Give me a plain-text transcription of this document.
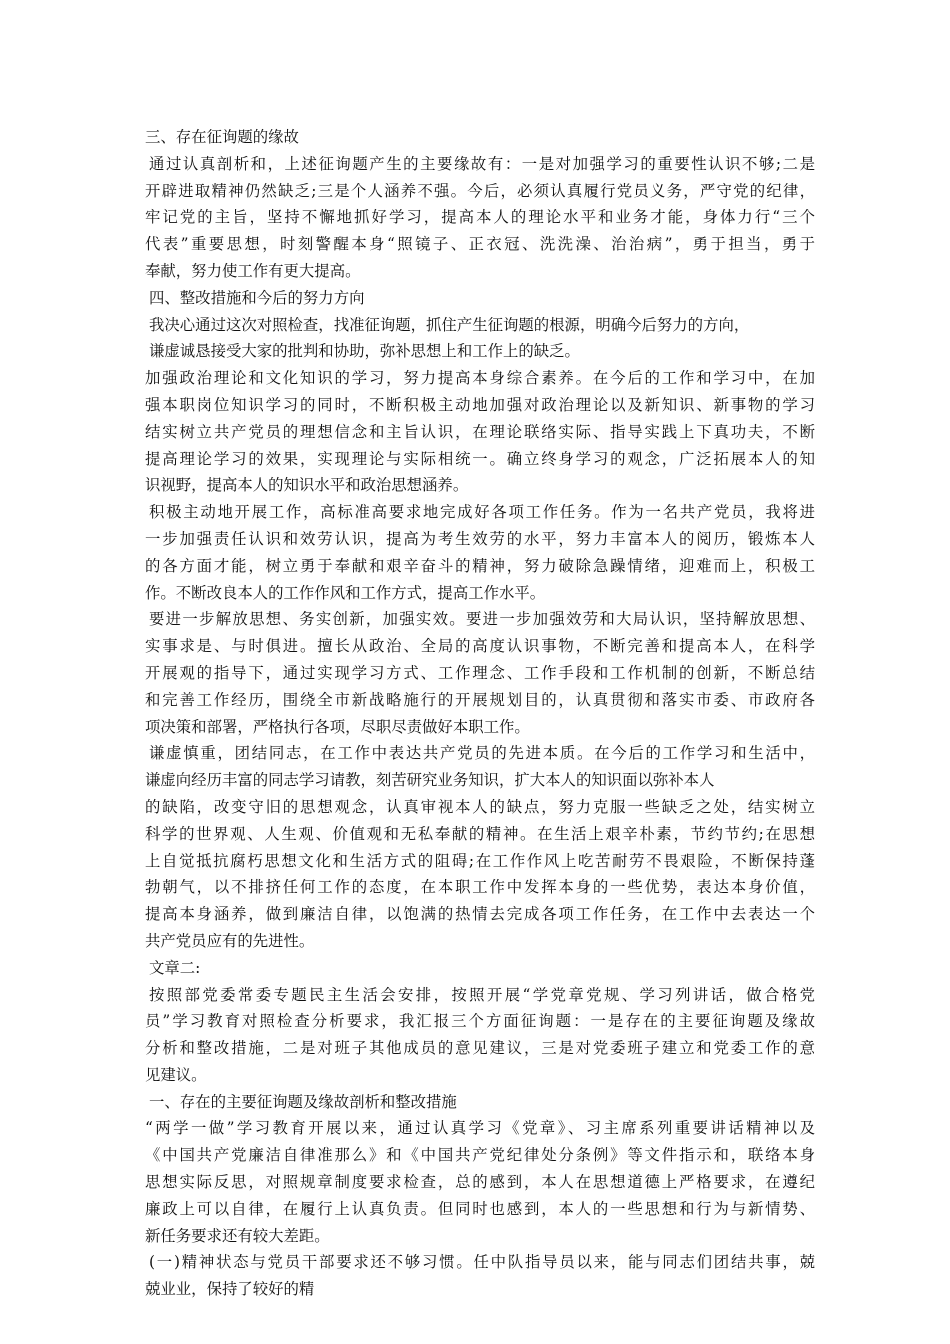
三、存在征询题的缘故
通过认真剖析和，上述征询题产生的主要缘故有：一是对加强学习的重要性认识不够;二是
开辟进取精神仍然缺乏;三是个人涵养不强。今后，必须认真履行党员义务，严守党的纪律，
牢记党的主旨，坚持不懈地抓好学习，提高本人的理论水平和业务才能，身体力行“三个
代表”重要思想，时刻警醒本身“照镜子、正衣冠、洗洗澡、治治病”，勇于担当，勇于
奉献，努力使工作有更大提高。
四、整改措施和今后的努力方向
我决心通过这次对照检查，找准征询题，抓住产生征询题的根源，明确今后努力的方向，
谦虚诚恳接受大家的批判和协助，弥补思想上和工作上的缺乏。
加强政治理论和文化知识的学习，努力提高本身综合素养。在今后的工作和学习中，在加
强本职岗位知识学习的同时，不断积极主动地加强对政治理论以及新知识、新事物的学习
结实树立共产党员的理想信念和主旨认识，在理论联络实际、指导实践上下真功夫，不断
提高理论学习的效果，实现理论与实际相统一。确立终身学习的观念，广泛拓展本人的知
识视野，提高本人的知识水平和政治思想涵养。
积极主动地开展工作，高标准高要求地完成好各项工作任务。作为一名共产党员，我将进
一步加强责任认识和效劳认识，提高为考生效劳的水平，努力丰富本人的阅历，锻炼本人
的各方面才能，树立勇于奉献和艰辛奋斗的精神，努力破除急躁情绪，迎难而上，积极工
作。不断改良本人的工作作风和工作方式，提高工作水平。
要进一步解放思想、务实创新，加强实效。要进一步加强效劳和大局认识，坚持解放思想、
实事求是、与时俱进。擅长从政治、全局的高度认识事物，不断完善和提高本人，在科学
开展观的指导下，通过实现学习方式、工作理念、工作手段和工作机制的创新，不断总结
和完善工作经历，围绕全市新战略施行的开展规划目的，认真贯彻和落实市委、市政府各
项决策和部署，严格执行各项，尽职尽责做好本职工作。
谦虚慎重，团结同志，在工作中表达共产党员的先进本质。在今后的工作学习和生活中，
谦虚向经历丰富的同志学习请教，刻苦研究业务知识，扩大本人的知识面以弥补本人
的缺陷，改变守旧的思想观念，认真审视本人的缺点，努力克服一些缺乏之处，结实树立
科学的世界观、人生观、价值观和无私奉献的精神。在生活上艰辛朴素，节约节约;在思想
上自觉抵抗腐朽思想文化和生活方式的阻碍;在工作作风上吃苦耐劳不畏艰险，不断保持蓬
勃朝气，以不排挤任何工作的态度，在本职工作中发挥本身的一些优势，表达本身价值，
提高本身涵养，做到廉洁自律，以饱满的热情去完成各项工作任务，在工作中去表达一个
共产党员应有的先进性。
文章二:
按照部党委常委专题民主生活会安排，按照开展“学党章党规、学习列讲话，做合格党
员”学习教育对照检查分析要求，我汇报三个方面征询题：一是存在的主要征询题及缘故
分析和整改措施，二是对班子其他成员的意见建议，三是对党委班子建立和党委工作的意
见建议。
一、存在的主要征询题及缘故剖析和整改措施
“两学一做”学习教育开展以来，通过认真学习《党章》、习主席系列重要讲话精神以及
《中国共产党廉洁自律准那么》和《中国共产党纪律处分条例》等文件指示和，联络本身
思想实际反思，对照规章制度要求检查，总的感到，本人在思想道德上严格要求，在遵纪
廉政上可以自律，在履行上认真负责。但同时也感到，本人的一些思想和行为与新情势、
新任务要求还有较大差距。
(一)精神状态与党员干部要求还不够习惯。任中队指导员以来，能与同志们团结共事，兢
兢业业，保持了较好的精
